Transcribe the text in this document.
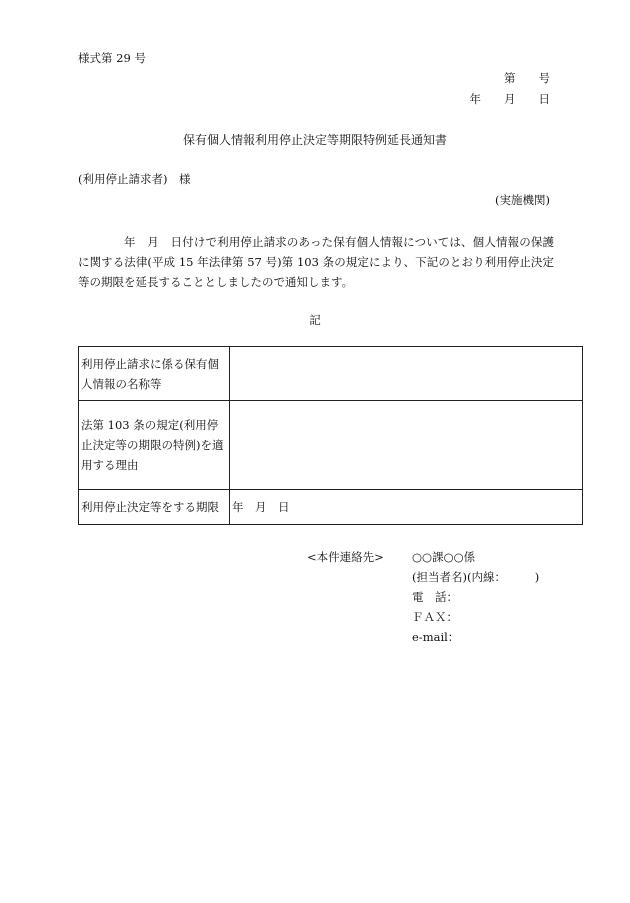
様式第 29 号
第　　号
年　　月　　日
保有個人情報利用停止決定等期限特例延長通知書
(利用停止請求者)　様
(実施機関)
年　月　日付けで利用停止請求のあった保有個人情報については、個人情報の保護に関する法律(平成 15 年法律第 57 号)第 103 条の規定により、下記のとおり利用停止決定等の期限を延長することとしましたので通知します。
記
利用停止請求に係る保有個人情報の名称等	
法第 103 条の規定(利用停止決定等の期限の特例)を適用する理由	
利用停止決定等をする期限	年　月　日
<本件連絡先>	○○課○○係
(担当者名)(内線：　　　)
電　話：
ＦＡＸ：
e-mail：
